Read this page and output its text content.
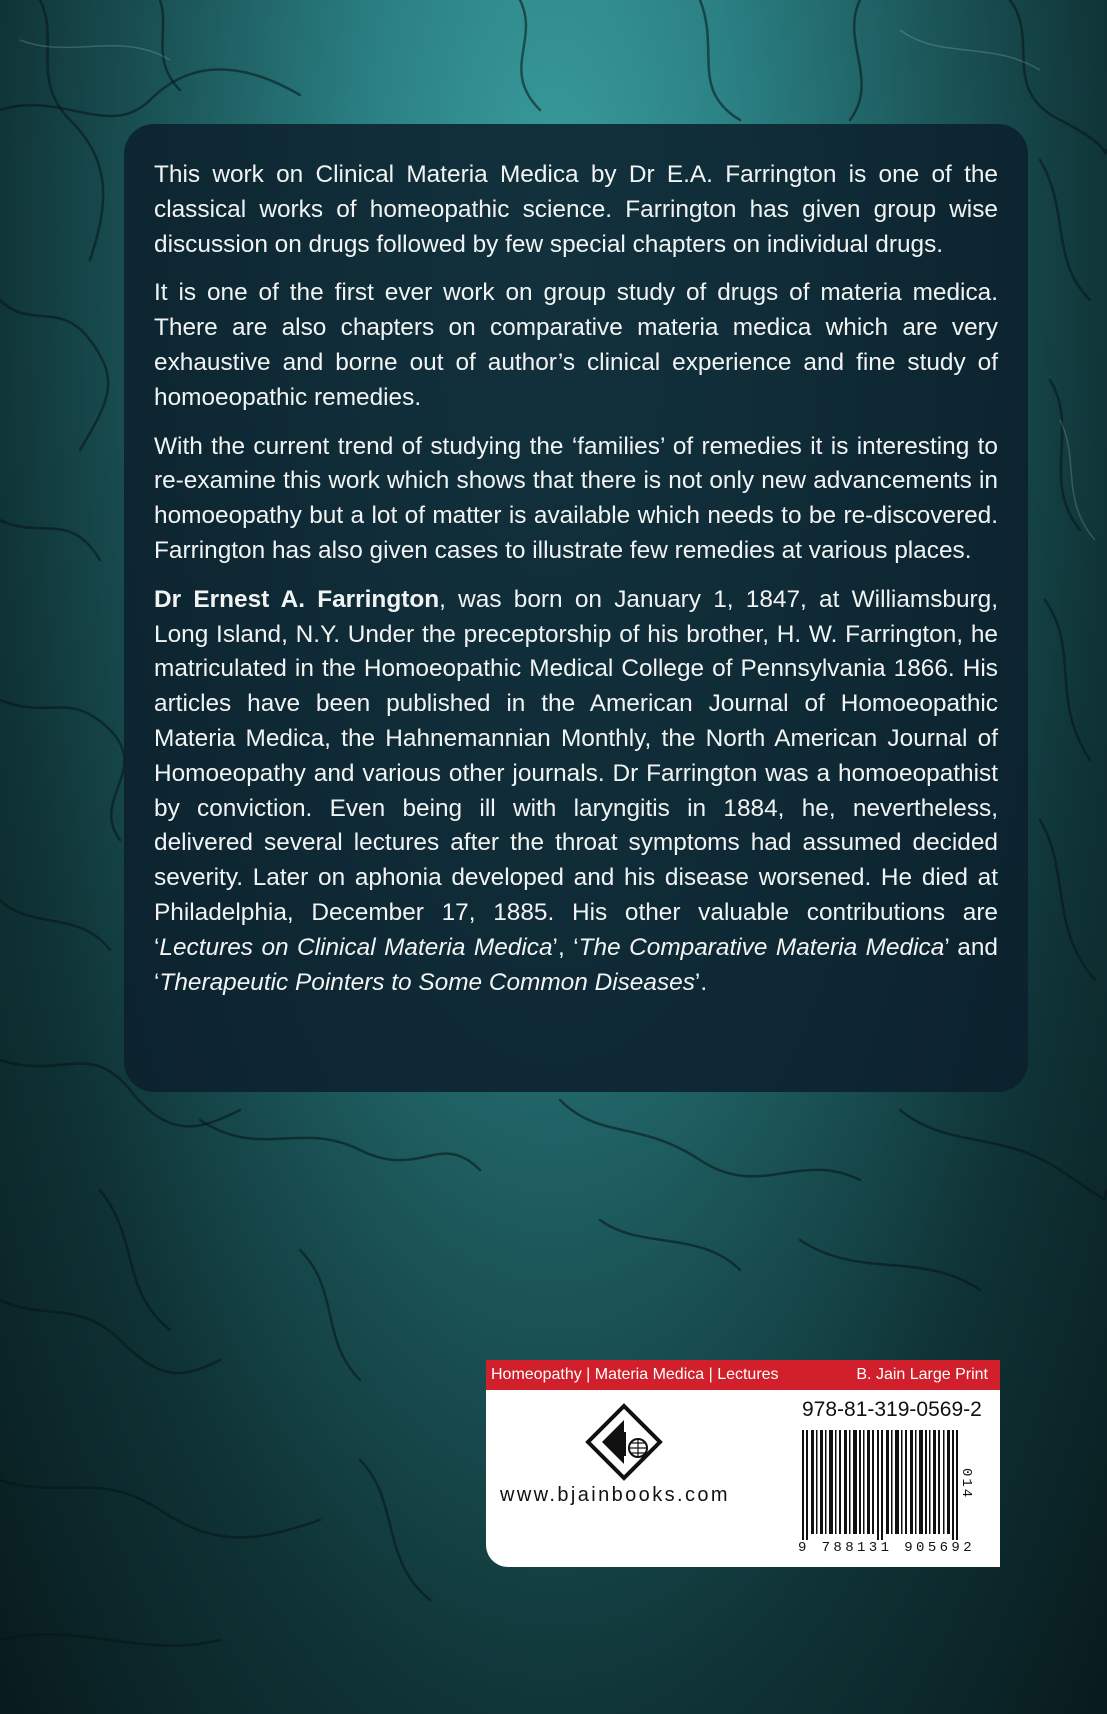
This work on Clinical Materia Medica by Dr E.A. Farrington is one of the classical works of homeopathic science. Farrington has given group wise discussion on drugs followed by few special chapters on individual drugs.

It is one of the first ever work on group study of drugs of materia medica. There are also chapters on comparative materia medica which are very exhaustive and borne out of author’s clinical experience and fine study of homoeopathic remedies.

With the current trend of studying the ‘families’ of remedies it is interesting to re-examine this work which shows that there is not only new advancements in homoeopathy but a lot of matter is available which needs to be re-discovered. Farrington has also given cases to illustrate few remedies at various places.

Dr Ernest A. Farrington, was born on January 1, 1847, at Williamsburg, Long Island, N.Y. Under the preceptorship of his brother, H. W. Farrington, he matriculated in the Homoeopathic Medical College of Pennsylvania 1866. His articles have been published in the American Journal of Homoeopathic Materia Medica, the Hahnemannian Monthly, the North American Journal of Homoeopathy and various other journals. Dr Farrington was a homoeopathist by conviction. Even being ill with laryngitis in 1884, he, nevertheless, delivered several lectures after the throat symptoms had assumed decided severity. Later on aphonia developed and his disease worsened. He died at Philadelphia, December 17, 1885. His other valuable contributions are ‘Lectures on Clinical Materia Medica’, ‘The Comparative Materia Medica’ and ‘Therapeutic Pointers to Some Common Diseases’.

Homeopathy | Materia Medica | Lectures	B. Jain Large Print
www.bjainbooks.com
978-81-319-0569-2
9 788131 905692
014
